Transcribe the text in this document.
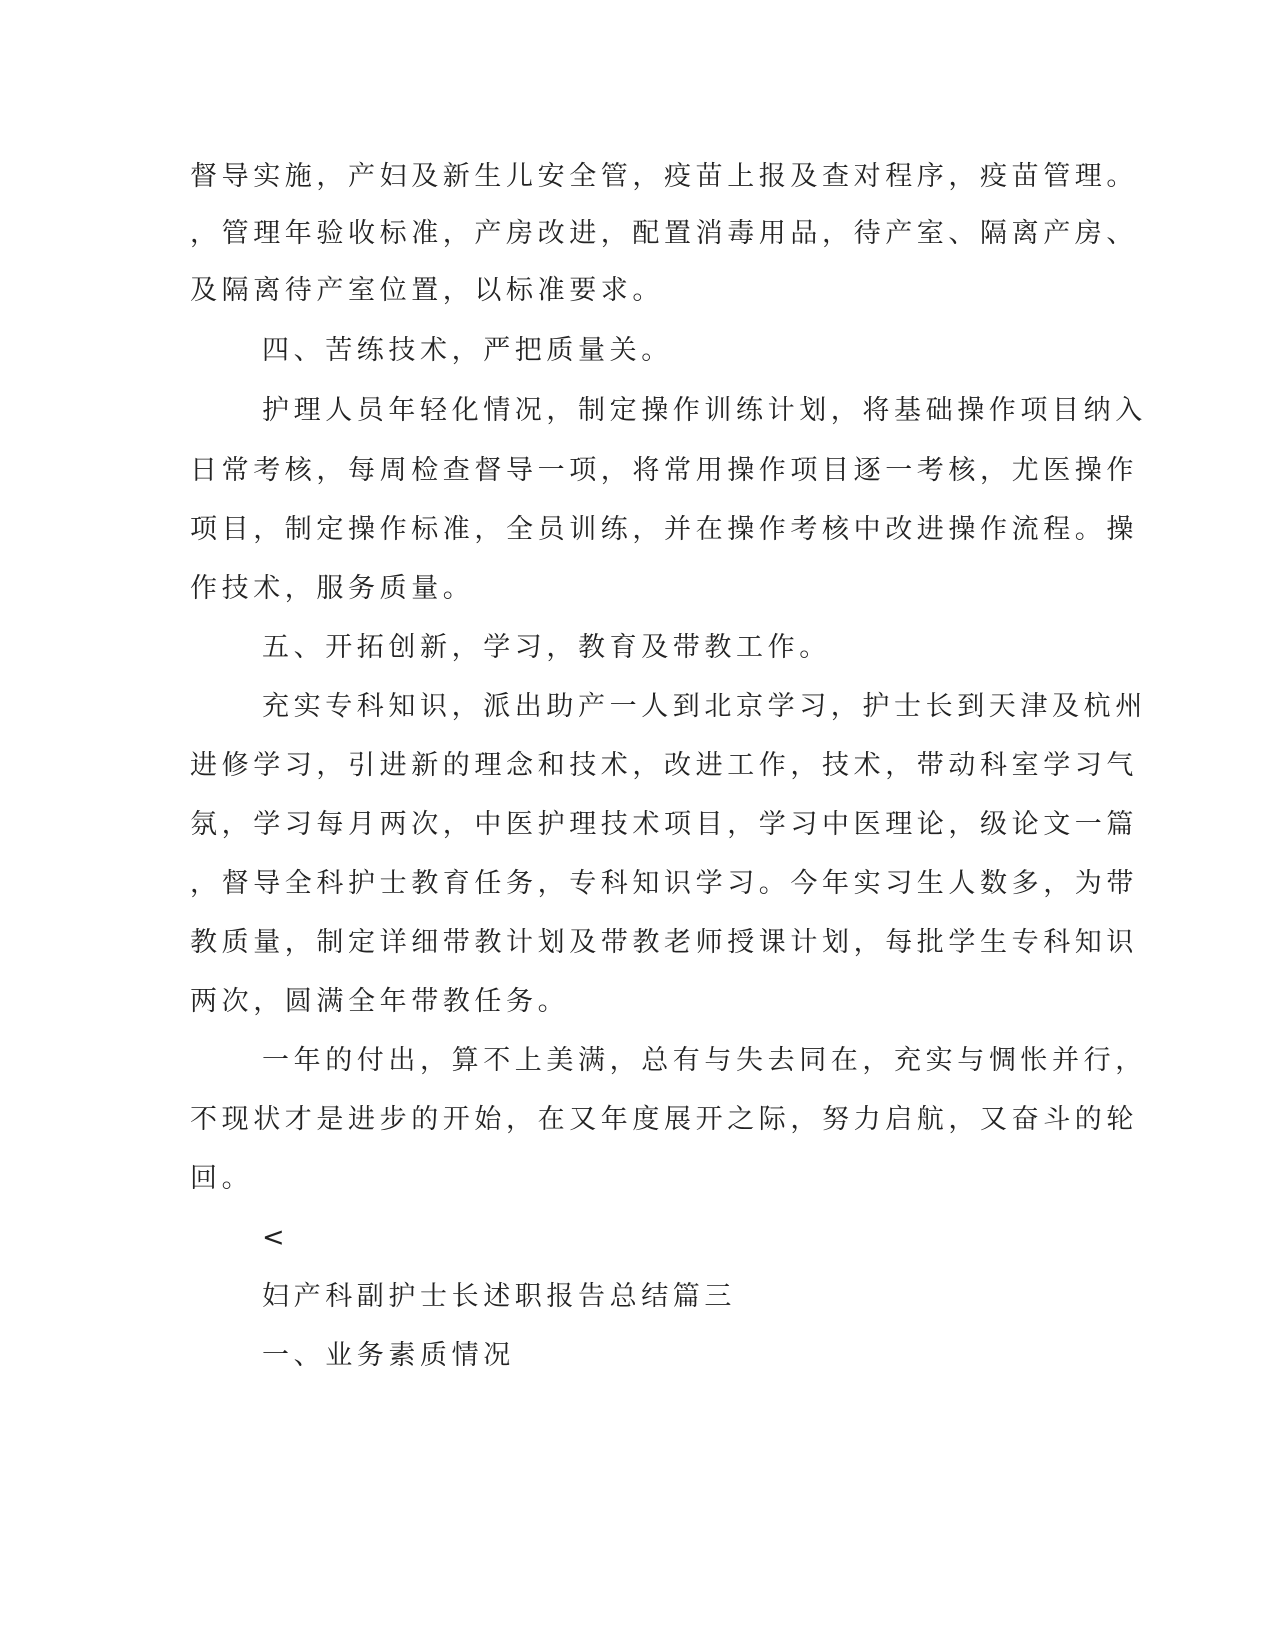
督导实施，产妇及新生儿安全管，疫苗上报及查对程序，疫苗管理。
，管理年验收标准，产房改进，配置消毒用品，待产室、隔离产房、
及隔离待产室位置，以标准要求。
四、苦练技术，严把质量关。
护理人员年轻化情况，制定操作训练计划，将基础操作项目纳入
日常考核，每周检查督导一项，将常用操作项目逐一考核，尤医操作
项目，制定操作标准，全员训练，并在操作考核中改进操作流程。操
作技术，服务质量。
五、开拓创新，学习，教育及带教工作。
充实专科知识，派出助产一人到北京学习，护士长到天津及杭州
进修学习，引进新的理念和技术，改进工作，技术，带动科室学习气
氛，学习每月两次，中医护理技术项目，学习中医理论，级论文一篇
，督导全科护士教育任务，专科知识学习。今年实习生人数多，为带
教质量，制定详细带教计划及带教老师授课计划，每批学生专科知识
两次，圆满全年带教任务。
一年的付出，算不上美满，总有与失去同在，充实与惆怅并行，
不现状才是进步的开始，在又年度展开之际，努力启航，又奋斗的轮
回。
<
妇产科副护士长述职报告总结篇三
一、业务素质情况
